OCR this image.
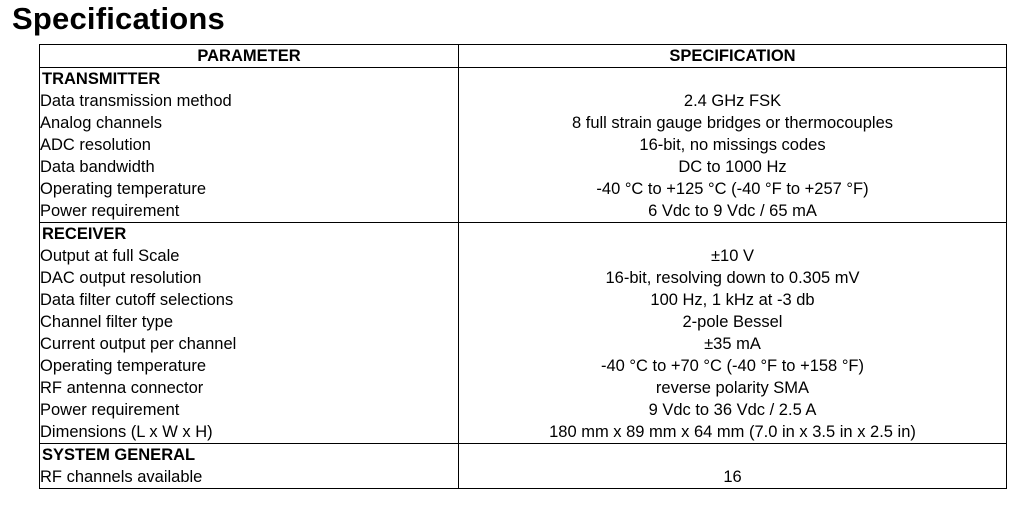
Specifications
PARAMETER	SPECIFICATION
TRANSMITTER	
Data transmission method	2.4 GHz FSK
Analog channels	8 full strain gauge bridges or thermocouples
ADC resolution	16-bit, no missings codes
Data bandwidth	DC to 1000 Hz
Operating temperature	-40 °C to +125 °C (-40 °F to +257 °F)
Power requirement	6 Vdc to 9 Vdc / 65 mA
RECEIVER	
Output at full Scale	±10 V
DAC output resolution	16-bit, resolving down to 0.305 mV
Data filter cutoff selections	100 Hz, 1 kHz at -3 db
Channel filter type	2-pole Bessel
Current output per channel	±35 mA
Operating temperature	-40 °C to +70 °C (-40 °F to +158 °F)
RF antenna connector	reverse polarity SMA
Power requirement	9 Vdc to 36 Vdc / 2.5 A
Dimensions (L x W x H)	180 mm x 89 mm x 64 mm (7.0 in x 3.5 in x 2.5 in)
SYSTEM GENERAL	
RF channels available	16
